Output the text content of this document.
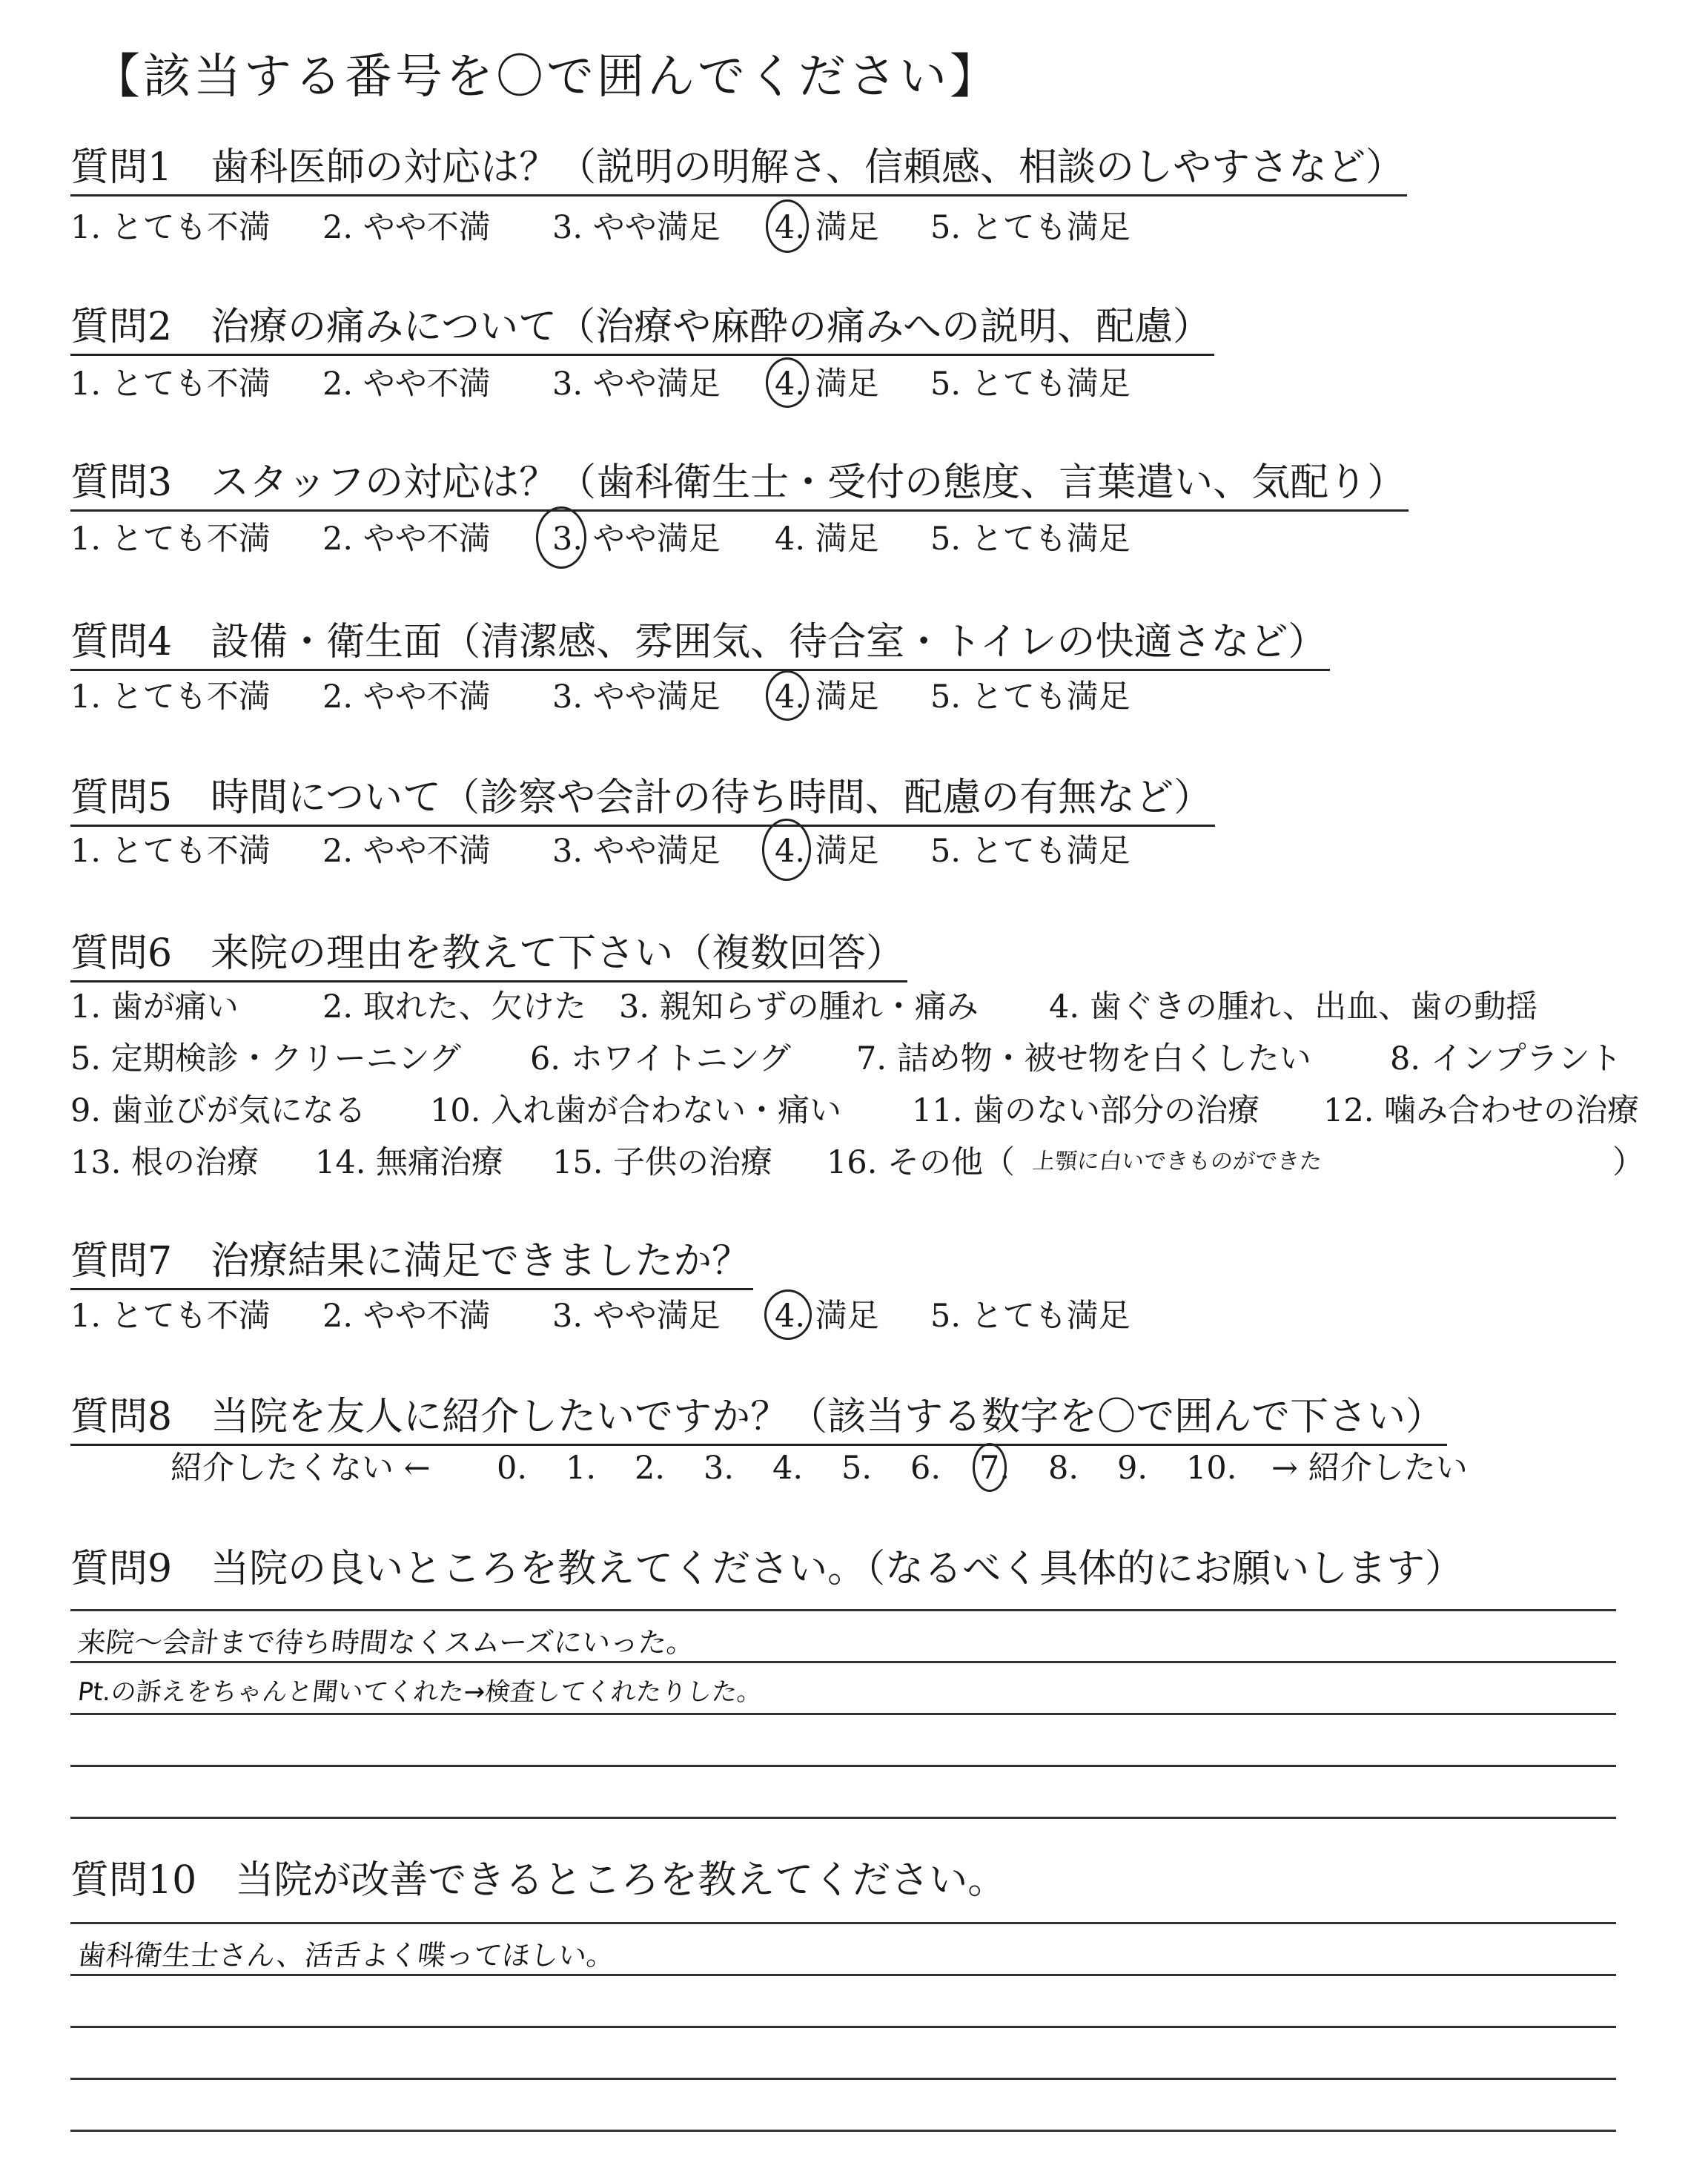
【該当する番号を〇で囲んでください】
質問1　 歯科医師の対応は？（説明の明解さ、信頼感、相談のしやすさなど）
1. とても不満 2. やや不満 3. やや満足 4. 満足 5. とても満足
質問2　 治療の痛みについて（治療や麻酔の痛みへの説明、配慮）
1. とても不満 2. やや不満 3. やや満足 4. 満足 5. とても満足
質問3　 スタッフの対応は？（歯科衛生士・受付の態度、言葉遣い、気配り）
1. とても不満 2. やや不満 3. やや満足 4. 満足 5. とても満足
質問4　 設備・衛生面（清潔感、雰囲気、待合室・トイレの快適さなど）
1. とても不満 2. やや不満 3. やや満足 4. 満足 5. とても満足
質問5　 時間について（診察や会計の待ち時間、配慮の有無など）
1. とても不満 2. やや不満 3. やや満足 4. 満足 5. とても満足
質問6　 来院の理由を教えて下さい（複数回答）
1. 歯が痛い	2. 取れた、欠けた 3. 親知らずの腫れ・痛み 4. 歯ぐきの腫れ、出血、歯の動揺
5. 定期検診・クリーニング 6. ホワイトニング 7. 詰め物・被せ物を白くしたい 8. インプラント
9. 歯並びが気になる 10. 入れ歯が合わない・痛い 11. 歯のない部分の治療 12. 噛み合わせの治療
13. 根の治療 14. 無痛治療 15. 子供の治療 16. その他（ 上顎に白いできものができた	）
質問7　 治療結果に満足できましたか？
1. とても不満 2. やや不満 3. やや満足 4. 満足 5. とても満足
質問8　 当院を友人に紹介したいですか？（該当する数字を〇で囲んで下さい）
紹介したくない ← 0. 1. 2. 3. 4. 5. 6. 7. 8. 9. 10. → 紹介したい
質問9　 当院の良いところを教えてください。（なるべく具体的にお願いします）
来院～会計まで待ち時間なくスムーズにいった。
Pt.の訴えをちゃんと聞いてくれた→検査してくれたりした。
質問10　 当院が改善できるところを教えてください。
歯科衛生士さん、活舌よく喋ってほしい。
